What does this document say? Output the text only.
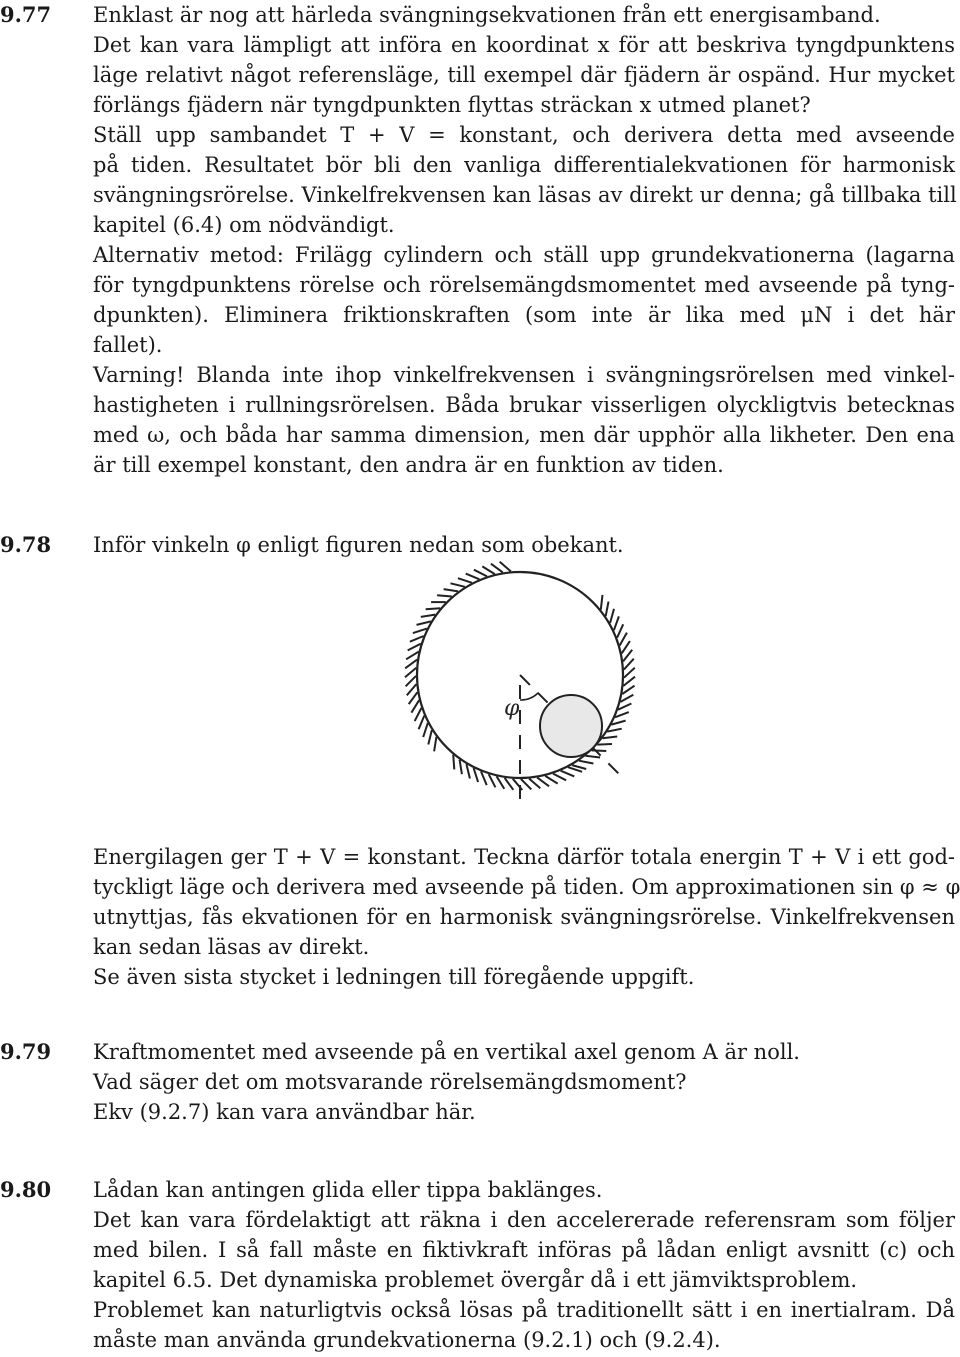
9.77 Enklast är nog att härleda svängningsekvationen från ett energisamband.
Det kan vara lämpligt att införa en koordinat x för att beskriva tyngdpunktens
läge relativt något referensläge, till exempel där fjädern är ospänd. Hur mycket
förlängs fjädern när tyngdpunkten flyttas sträckan x utmed planet?
Ställ upp sambandet T + V = konstant, och derivera detta med avseende
på tiden. Resultatet bör bli den vanliga differentialekvationen för harmonisk
svängningsrörelse. Vinkelfrekvensen kan läsas av direkt ur denna; gå tillbaka till
kapitel (6.4) om nödvändigt.
Alternativ metod: Frilägg cylindern och ställ upp grundekvationerna (lagarna
för tyngdpunktens rörelse och rörelsemängdsmomentet med avseende på tyng-
dpunkten). Eliminera friktionskraften (som inte är lika med μN i det här
fallet).
Varning! Blanda inte ihop vinkelfrekvensen i svängningsrörelsen med vinkel-
hastigheten i rullningsrörelsen. Båda brukar visserligen olyckligtvis betecknas
med ω, och båda har samma dimension, men där upphör alla likheter. Den ena
är till exempel konstant, den andra är en funktion av tiden.
9.78 Inför vinkeln φ enligt figuren nedan som obekant.
φ
Energilagen ger T + V = konstant. Teckna därför totala energin T + V i ett god-
tyckligt läge och derivera med avseende på tiden. Om approximationen sin φ ≈ φ
utnyttjas, fås ekvationen för en harmonisk svängningsrörelse. Vinkelfrekvensen
kan sedan läsas av direkt.
Se även sista stycket i ledningen till föregående uppgift.
9.79 Kraftmomentet med avseende på en vertikal axel genom A är noll.
Vad säger det om motsvarande rörelsemängdsmoment?
Ekv (9.2.7) kan vara användbar här.
9.80 Lådan kan antingen glida eller tippa baklänges.
Det kan vara fördelaktigt att räkna i den accelererade referensram som följer
med bilen. I så fall måste en fiktivkraft införas på lådan enligt avsnitt (c) och
kapitel 6.5. Det dynamiska problemet övergår då i ett jämviktsproblem.
Problemet kan naturligtvis också lösas på traditionellt sätt i en inertialram. Då
måste man använda grundekvationerna (9.2.1) och (9.2.4).
